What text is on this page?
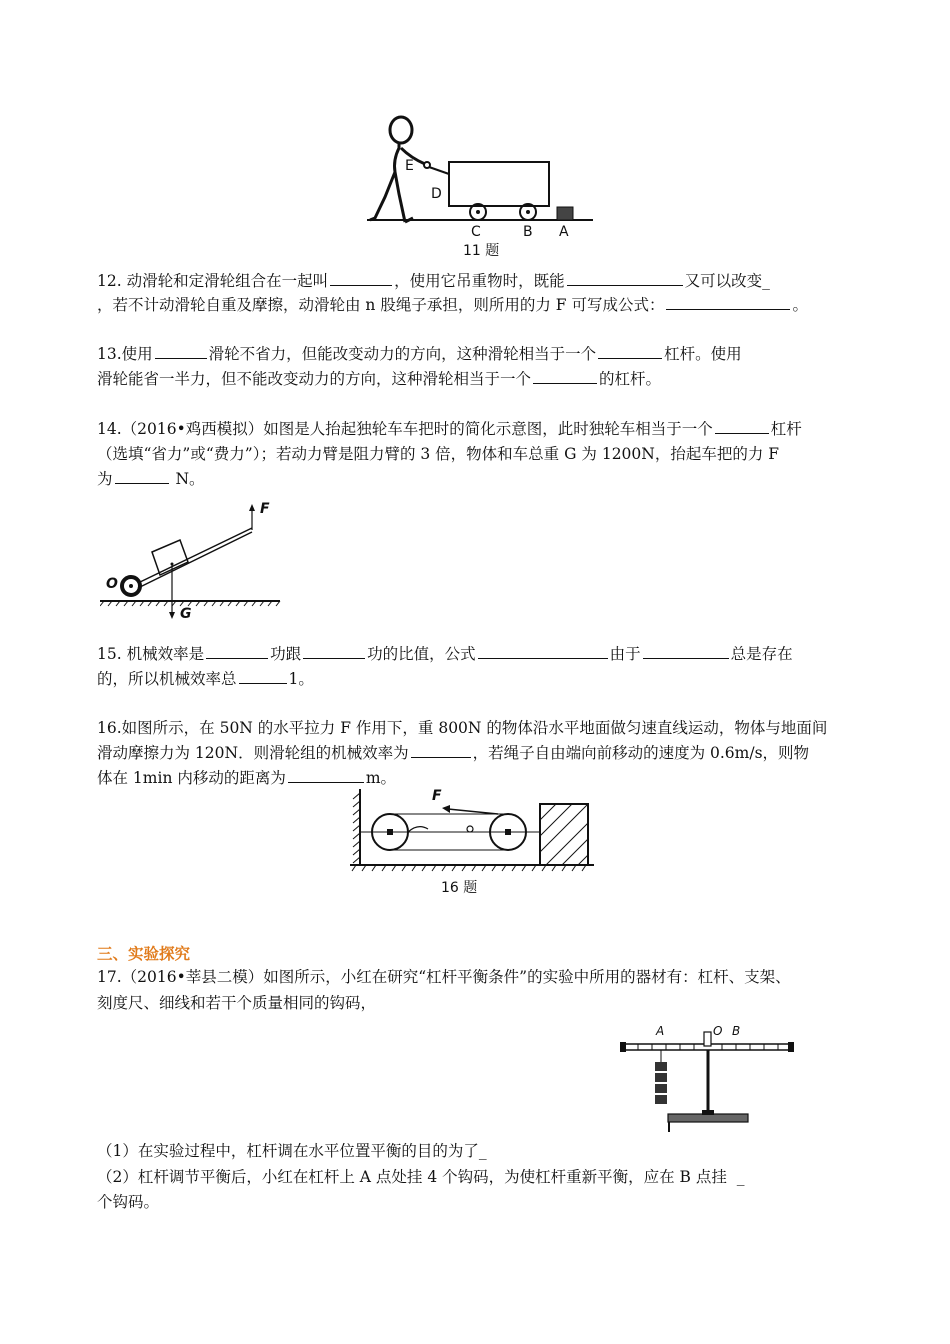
E
D
C	B A
11 题
12. 动滑轮和定滑轮组合在一起叫	，使用它吊重物时，既能	又可以改变_
，若不计动滑轮自重及摩擦，动滑轮由 n 股绳子承担，则所用的力 F 可写成公式：	。
13.使用	滑轮不省力，但能改变动力的方向，这种滑轮相当于一个	杠杆。使用
滑轮能省一半力，但不能改变动力的方向，这种滑轮相当于一个	的杠杆。
14.（2016•鸡西模拟）如图是人抬起独轮车车把时的简化示意图，此时独轮车相当于一个	杠杆
（选填“省力”或“费力”）；若动力臂是阻力臂的 3 倍，物体和车总重 G 为 1200N，抬起车把的力 F
为	N。
F
O
G
15. 机械效率是	功跟	功的比值，公式	由于	总是存在
的，所以机械效率总	1。
16.如图所示，在 50N 的水平拉力 F 作用下，重 800N 的物体沿水平地面做匀速直线运动，物体与地面间
滑动摩擦力为 120N．则滑轮组的机械效率为	，若绳子自由端向前移动的速度为 0.6m/s，则物
体在 1min 内移动的距离为	m。
F
16 题
三、实验探究
17.（2016•莘县二模）如图所示，小红在研究“杠杆平衡条件”的实验中所用的器材有：杠杆、支架、
刻度尺、细线和若干个质量相同的钩码，
A	O B
（1）在实验过程中，杠杆调在水平位置平衡的目的为了_
（2）杠杆调节平衡后，小红在杠杆上 A 点处挂 4 个钩码，为使杠杆重新平衡，应在 B 点挂 _
个钩码。
